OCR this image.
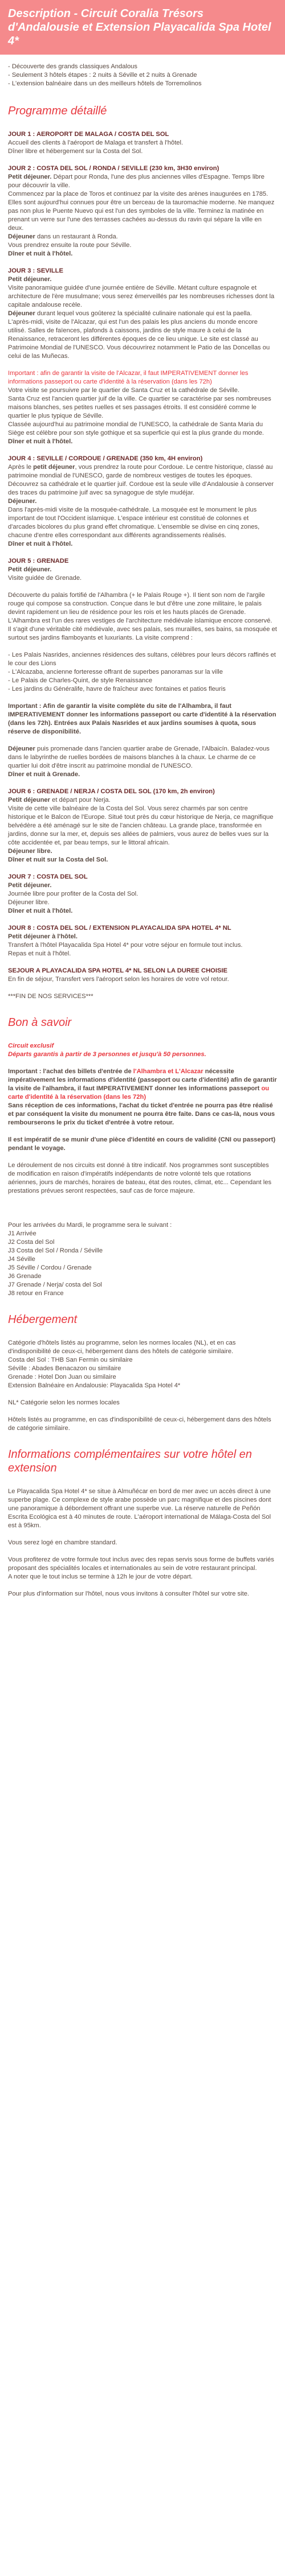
Description - Circuit Coralia Trésors d'Andalousie et Extension Playacalida Spa Hotel 4*

- Découverte des grands classiques Andalous

- Seulement 3 hôtels étapes : 2 nuits à Séville et 2 nuits à Grenade

- L'extension balnéaire dans un des meilleurs hôtels de Torremolinos

Programme détaillé

JOUR 1 : AEROPORT DE MALAGA / COSTA DEL SOL

Accueil des clients à l'aéroport de Malaga et transfert à l'hôtel.

Dîner libre et hébergement sur la Costa del Sol.

JOUR 2 : COSTA DEL SOL / RONDA / SEVILLE (230 km, 3H30 environ)

Petit déjeuner. Départ pour Ronda, l'une des plus anciennes villes d'Espagne. Temps libre pour découvrir la ville.

Commencez par la place de Toros et continuez par la visite des arènes inaugurées en 1785. Elles sont aujourd'hui connues pour être un berceau de la tauromachie moderne. Ne manquez pas non plus le Puente Nuevo qui est l'un des symboles de la ville. Terminez la matinée en prenant un verre sur l'une des terrasses cachées au-dessus du ravin qui sépare la ville en deux.

Déjeuner dans un restaurant à Ronda.

Vous prendrez ensuite la route pour Séville.

Dîner et nuit à l'hôtel.

JOUR 3 : SEVILLE

Petit déjeuner.

Visite panoramique guidée d'une journée entière de Séville. Métant culture espagnole et architecture de l'ère musulmane; vous serez émerveillés par les nombreuses richesses dont la capitale andalouse recèle.

Déjeuner durant lequel vous goûterez la spécialité culinaire nationale qui est la paella.

L'après-midi, visite de l'Alcazar, qui est l'un des palais les plus anciens du monde encore utilisé. Salles de faïences, plafonds à caissons, jardins de style maure à celui de la Renaissance, retraceront les différentes époques de ce lieu unique. Le site est classé au Patrimoine Mondial de l'UNESCO. Vous découvrirez notamment le Patio de las Doncellas ou celui de las Muñecas.

Important : afin de garantir la visite de l'Alcazar, il faut IMPERATIVEMENT donner les informations passeport ou carte d'identité à la réservation (dans les 72h)

Votre visite se poursuivre par le quartier de Santa Cruz et la cathédrale de Séville.

Santa Cruz est l'ancien quartier juif de la ville. Ce quartier se caractérise par ses nombreuses maisons blanches, ses petites ruelles et ses passages étroits. Il est considéré comme le quartier le plus typique de Séville.

Classée aujourd'hui au patrimoine mondial de l'UNESCO, la cathédrale de Santa Maria du Siège est célèbre pour son style gothique et sa superficie qui est la plus grande du monde.

Dîner et nuit à l'hôtel.

JOUR 4 : SEVILLE / CORDOUE / GRENADE (350 km, 4H environ)

Après le petit déjeuner, vous prendrez la route pour Cordoue. Le centre historique, classé au patrimoine mondial de l'UNESCO, garde de nombreux vestiges de toutes les époques. Découvrez sa cathédrale et le quartier juif. Cordoue est la seule ville d'Andalousie à conserver des traces du patrimoine juif avec sa synagogue de style mudéjar.

Déjeuner.

Dans l'après-midi visite de la mosquée-cathédrale. La mosquée est le monument le plus important de tout l'Occident islamique. L'espace intérieur est constitué de colonnes et d'arcades bicolores du plus grand effet chromatique. L'ensemble se divise en cinq zones, chacune d'entre elles correspondant aux différents agrandissements réalisés.

Dîner et nuit à l'hôtel.

JOUR 5 : GRENADE

Petit déjeuner.

Visite guidée de Grenade.

Découverte du palais fortifié de l'Alhambra (+ le Palais Rouge +). Il tient son nom de l'argile rouge qui compose sa construction. Conçue dans le but d'être une zone militaire, le palais devint rapidement un lieu de résidence pour les rois et les hauts placés de Grenade. L'Alhambra est l'un des rares vestiges de l'architecture médiévale islamique encore conservé. Il s'agit d'une véritable cité médiévale, avec ses palais, ses murailles, ses bains, sa mosquée et surtout ses jardins flamboyants et luxuriants. La visite comprend :

- Les Palais Nasrides, anciennes résidences des sultans, célèbres pour leurs décors raffinés et le cour des Lions

- L'Alcazaba, ancienne forteresse offrant de superbes panoramas sur la ville

- Le Palais de Charles-Quint, de style Renaissance

- Les jardins du Généralife, havre de fraîcheur avec fontaines et patios fleuris

Important : Afin de garantir la visite complète du site de l'Alhambra, il faut IMPERATIVEMENT donner les informations passeport ou carte d'identité à la réservation (dans les 72h). Entrées aux Palais Nasrides et aux jardins soumises à quota, sous réserve de disponibilité.

Déjeuner puis promenade dans l'ancien quartier arabe de Grenade, l'Albaicín. Baladez-vous dans le labyrinthe de ruelles bordées de maisons blanches à la chaux. Le charme de ce quartier lui doit d'être inscrit au patrimoine mondial de l'UNESCO.

Dîner et nuit à Grenade.

JOUR 6 : GRENADE / NERJA / COSTA DEL SOL (170 km, 2h environ)

Petit déjeuner et départ pour Nerja.

Visite de cette ville balnéaire de la Costa del Sol. Vous serez charmés par son centre historique et le Balcon de l'Europe. Situé tout près du cœur historique de Nerja, ce magnifique belvédère a été aménagé sur le site de l'ancien château. La grande place, transformée en jardins, donne sur la mer, et, depuis ses allées de palmiers, vous aurez de belles vues sur la côte accidentée et, par beau temps, sur le littoral africain.

Déjeuner libre.

Dîner et nuit sur la Costa del Sol.

JOUR 7 : COSTA DEL SOL

Petit déjeuner.

Journée libre pour profiter de la Costa del Sol.

Déjeuner libre.

Dîner et nuit à l'hôtel.

JOUR 8 : COSTA DEL SOL / EXTENSION PLAYACALIDA SPA HOTEL 4* NL

Petit déjeuner à l'hôtel.

Transfert à l'hôtel Playacalida Spa Hotel 4* pour votre séjour en formule tout inclus.

Repas et nuit à l'hôtel.

SEJOUR A PLAYACALIDA SPA HOTEL 4* NL SELON LA DUREE CHOISIE

En fin de séjour, Transfert vers l'aéroport selon les horaires de votre vol retour.

***FIN DE NOS SERVICES***

Bon à savoir

Circuit exclusif

Départs garantis à partir de 3 personnes et jusqu'à 50 personnes.

Important : l'achat des billets d'entrée de l'Alhambra et L'Alcazar nécessite impérativement les informations d'identité (passeport ou carte d'identité) afin de garantir la visite de l'alhambra, il faut IMPERATIVEMENT donner les informations passeport ou carte d'identité à la réservation (dans les 72h)

Sans réception de ces informations, l'achat du ticket d'entrée ne pourra pas être réalisé et par conséquent la visite du monument ne pourra être faite. Dans ce cas-là, nous vous rembourserons le prix du ticket d'entrée à votre retour.

Il est impératif de se munir d'une pièce d'identité en cours de validité (CNI ou passeport) pendant le voyage.

Le déroulement de nos circuits est donné à titre indicatif. Nos programmes sont susceptibles de modification en raison d'impératifs indépendants de notre volonté tels que rotations aériennes, jours de marchés, horaires de bateau, état des routes, climat, etc... Cependant les prestations prévues seront respectées, sauf cas de force majeure.

Pour les arrivées du Mardi, le programme sera le suivant :

J1 Arrivée

J2 Costa del Sol

J3 Costa del Sol / Ronda / Séville

J4 Séville

J5 Séville / Cordou / Grenade

J6 Grenade

J7 Grenade / Nerja/ costa del Sol

J8 retour en France

Hébergement

Catégorie d'hôtels listés au programme, selon les normes locales (NL), et en cas d'indisponibilité de ceux-ci, hébergement dans des hôtels de catégorie similaire.

Costa del Sol : THB San Fermin ou similaire

Séville : Abades Benacazon ou similaire

Grenade : Hotel Don Juan ou similaire

Extension Balnéaire en Andalousie: Playacalida Spa Hotel 4*

NL* Catégorie selon les normes locales

Hôtels listés au programme, en cas d'indisponibilité de ceux-ci, hébergement dans des hôtels de catégorie similaire.

Informations complémentaires sur votre hôtel en extension

Le Playacalida Spa Hotel 4* se situe à Almuñécar en bord de mer avec un accès direct à une superbe plage. Ce complexe de style arabe possède un parc magnifique et des piscines dont une panoramique à débordement offrant une superbe vue. La réserve naturelle de Peñón Escrita Ecológica est à 40 minutes de route. L'aéroport international de Málaga-Costa del Sol est à 95km.

Vous serez logé en chambre standard.

Vous profiterez de votre formule tout inclus avec des repas servis sous forme de buffets variés proposant des spécialités locales et internationales au sein de votre restaurant principal.

A noter que le tout inclus se termine à 12h le jour de votre départ.

Pour plus d'information sur l'hôtel, nous vous invitons à consulter l'hôtel sur votre site.
